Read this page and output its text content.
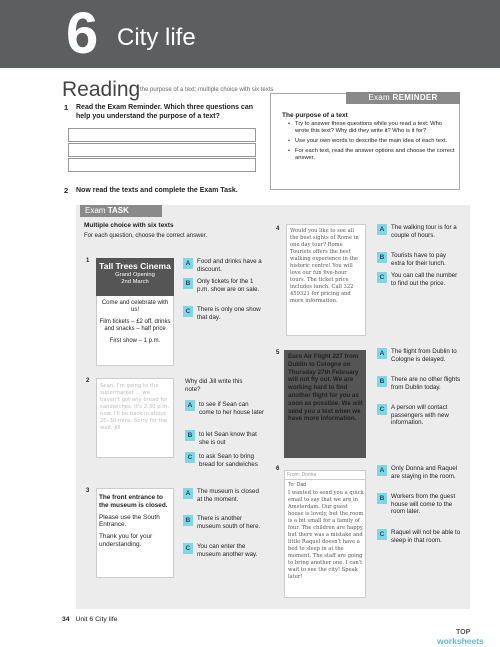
6 City life
Reading the purpose of a text; multiple choice with six texts
1 Read the Exam Reminder. Which three questions can help you understand the purpose of a text?
Exam REMINDER
The purpose of a text
• Try to answer these questions while you read a text: Who wrote this text? Why did they write it? Who is it for?
• Use your own words to describe the main idea of each text.
• For each text, read the answer options and choose the correct answer.
2 Now read the texts and complete the Exam Task.
Exam TASK
Multiple choice with six texts
For each question, choose the correct answer.
1	Tall Trees Cinema
Grand Opening
2nd March

Come and celebrate with us!

Film tickets – £2 off, drinks and snacks – half price

First show – 1 p.m.

A	Food and drinks have a discount.
B	Only tickets for the 1 p.m. show are on sale.
C	There is only one show that day.
2
Sean, I'm going to the supermarket … we haven't got any bread for sandwiches. It's 2.30 p.m. now. I'll be back in about 20–30 mins. Sorry for the wait. Jill
Why did Jill write this note?
A	to see if Sean can come to her house later
B	to let Sean know that she is out
C	to ask Sean to bring bread for sandwiches
3
The front entrance to the museum is closed.

Please use the South Entrance.

Thank you for your understanding.

A	The museum is closed at the moment.
B	There is another museum south of here.
C	You can enter the museum another way.
4 Would you like to see all the best sights of Rome in one day tour? Rome Tourists offers the best walking experience in the historic centre! You will love our fun five-hour tours. The ticket price includes lunch. Call 322 459321 for pricing and more information.
A	The walking tour is for a couple of hours.
B	Tourists have to pay extra for their lunch.
C	You can call the number to find out the price.
5 Euro Air Flight 227 from Dublin to Cologne on Thursday 27th February will not fly out. We are working hard to find another flight for you as soon as possible. We will send you a text when we have more information.
A	The flight from Dublin to Cologne is delayed.
B	There are no other flights from Dublin today.
C	A person will contact passengers with new information.
6
From: Donna
To: Dad
I wanted to send you a quick email to say that we are in Amsterdam. Our guest house is lovely, but the room is a bit small for a family of four. The children are happy, but there was a mistake and little Raquel doesn't have a bed to sleep in at the moment. The staff are going to bring another one. I can't wait to see the city! Speak later!
A	Only Donna and Raquel are staying in the room.
B	Workers from the guest house will come to the room later.
C	Raquel will not be able to sleep in that room.
34 Unit 6 City life
TOP
worksheets
